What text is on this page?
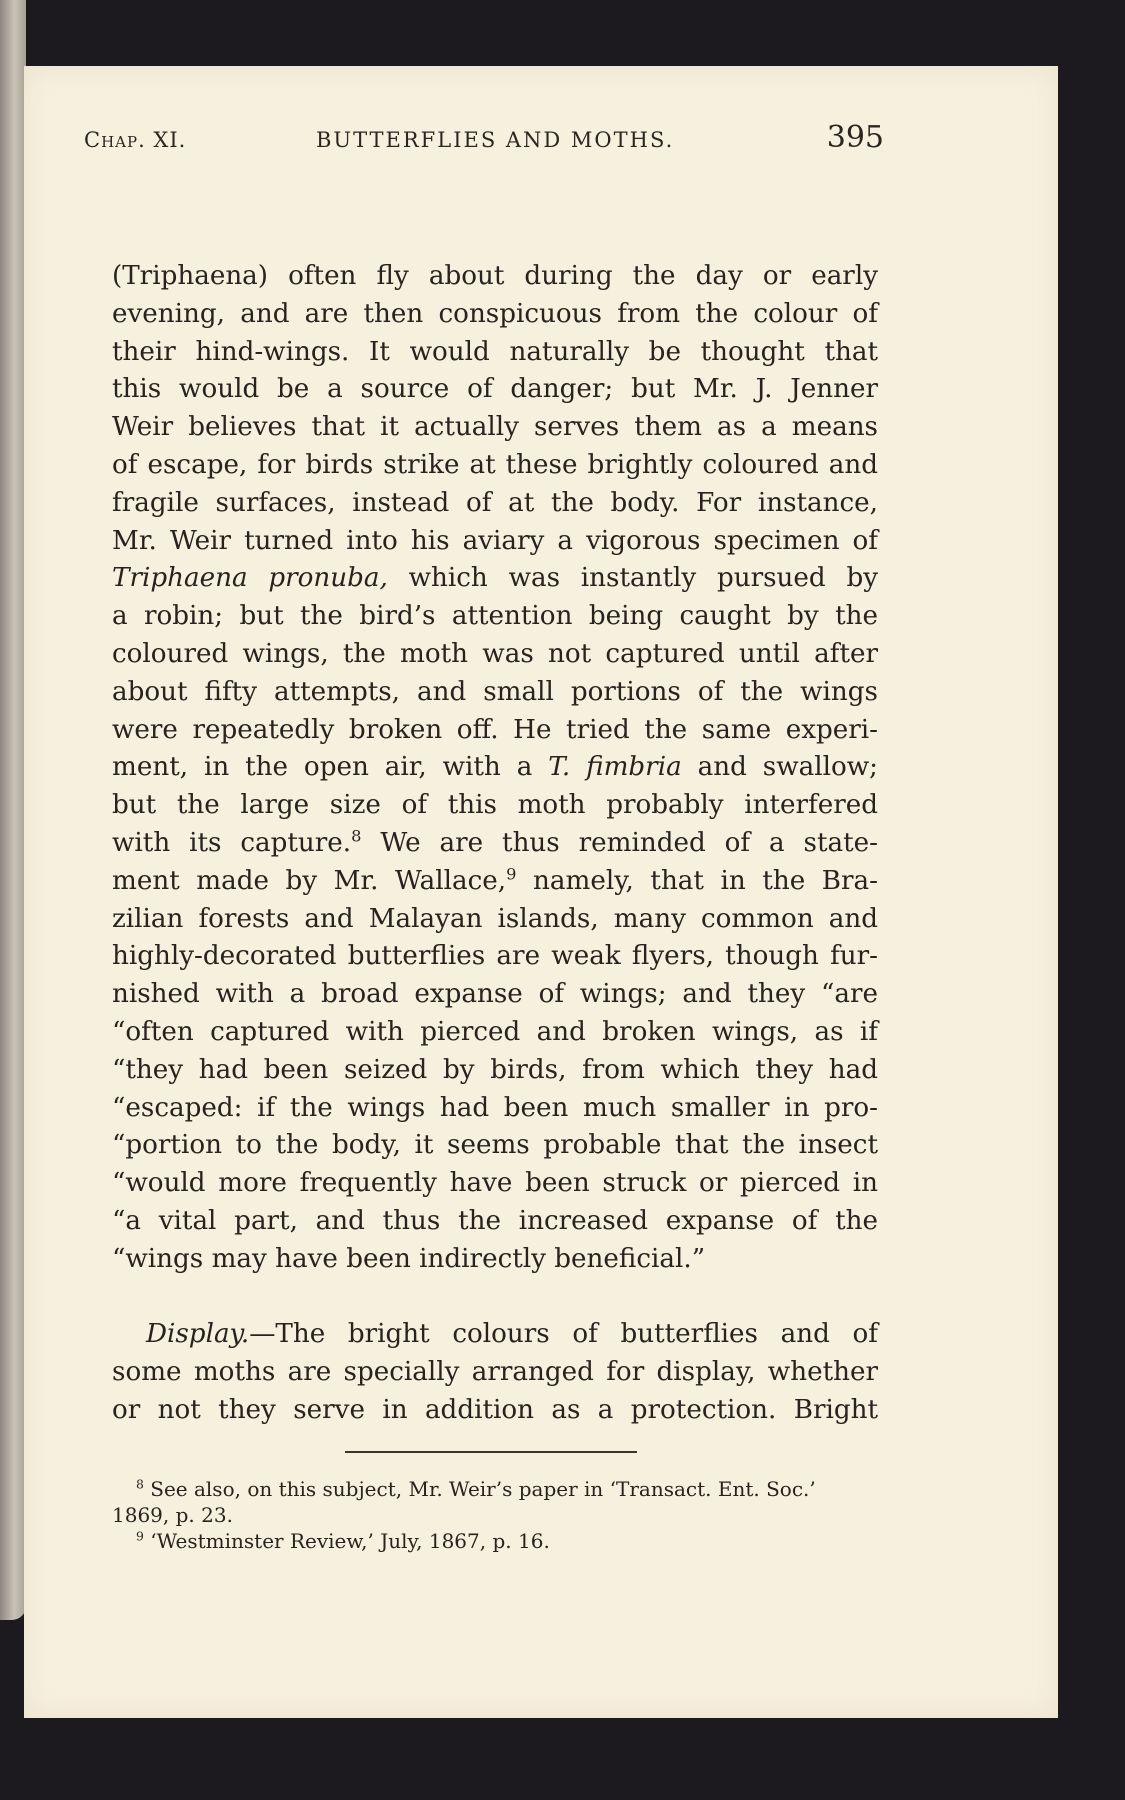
Chap. XI.	BUTTERFLIES AND MOTHS.	395
(Triphaena) often fly about during the day or early
evening, and are then conspicuous from the colour of
their hind-wings. It would naturally be thought that
this would be a source of danger; but Mr. J. Jenner
Weir believes that it actually serves them as a means
of escape, for birds strike at these brightly coloured and
fragile surfaces, instead of at the body. For instance,
Mr. Weir turned into his aviary a vigorous specimen of
Triphaena pronuba, which was instantly pursued by
a robin; but the bird’s attention being caught by the
coloured wings, the moth was not captured until after
about fifty attempts, and small portions of the wings
were repeatedly broken off. He tried the same experi-
ment, in the open air, with a T. fimbria and swallow;
but the large size of this moth probably interfered
with its capture.$^8$ We are thus reminded of a state-
ment made by Mr. Wallace,$^9$ namely, that in the Bra-
zilian forests and Malayan islands, many common and
highly-decorated butterflies are weak flyers, though fur-
nished with a broad expanse of wings; and they “are
“often captured with pierced and broken wings, as if
“they had been seized by birds, from which they had
“escaped: if the wings had been much smaller in pro-
“portion to the body, it seems probable that the insect
“would more frequently have been struck or pierced in
“a vital part, and thus the increased expanse of the
“wings may have been indirectly beneficial.”
Display.—The bright colours of butterflies and of
some moths are specially arranged for display, whether
or not they serve in addition as a protection. Bright
$^8$ See also, on this subject, Mr. Weir’s paper in ‘Transact. Ent. Soc.’
1869, p. 23.
$^9$ ‘Westminster Review,’ July, 1867, p. 16.
